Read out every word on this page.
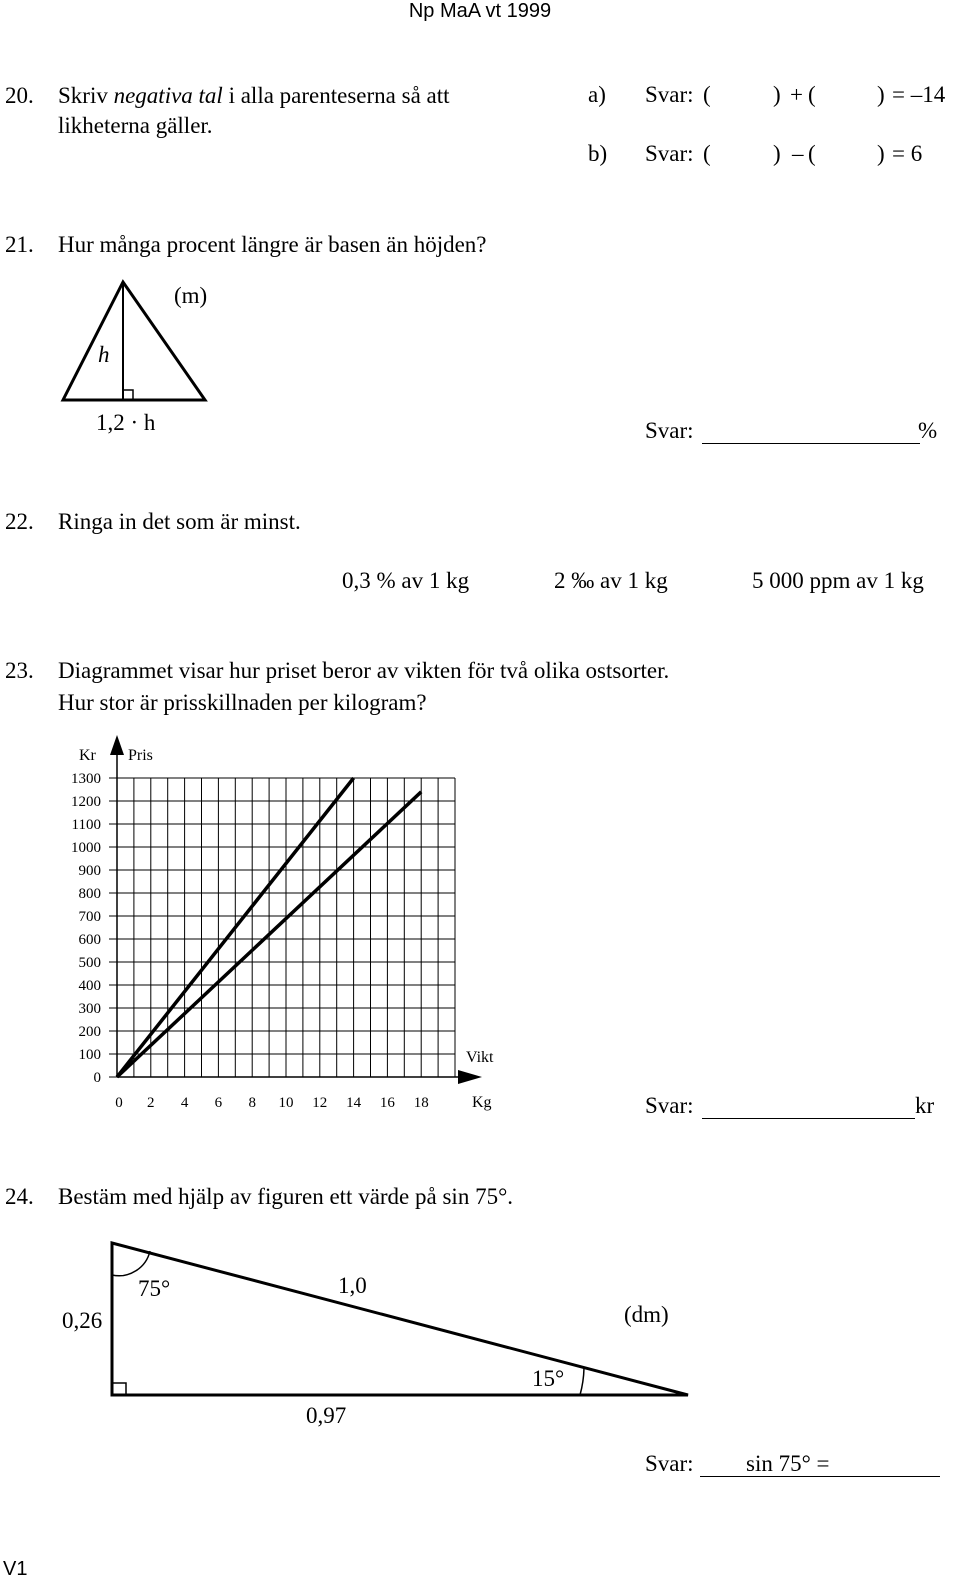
Np MaA vt 1999
20. Skriv negativa tal i alla parenteserna så att
likheterna gäller.
a) Svar: (	) + (	) = –14
b) Svar: (	) – (	) = 6
21. Hur många procent längre är basen än höjden?
(m)
h
1,2 · h	Svar:	%
22. Ringa in det som är minst.
0,3 % av 1 kg	2 ‰ av 1 kg	5 000 ppm av 1 kg
23. Diagrammet visar hur priset beror av vikten för två olika ostsorter.
Hur stor är prisskillnaden per kilogram?
0
100
200
300
400
500
600
700
800
900
1000
1100
1200
1300
0 2 4 6 8 10 12 14 16 18
Kr Pris
Vikt
Kg	Svar:	kr
24. Bestäm med hjälp av figuren ett värde på sin 75°.
75°	1,0
0,26	(dm)
15°
0,97
Svar: sin 75° =
V1
